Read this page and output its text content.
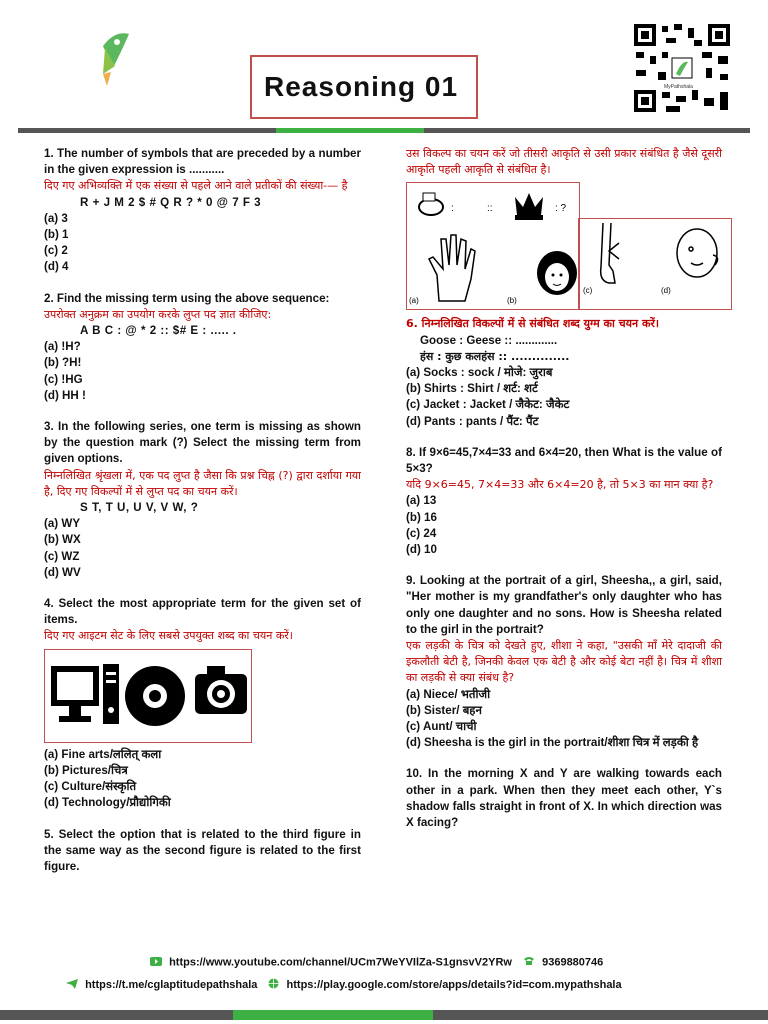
Reasoning 01	MyPathshala
1. The number of symbols that are preceded by a number in the given expression is ...........
दिए गए अभिव्यक्ति में एक संख्या से पहले आने वाले प्रतीकों की संख्या-— है
R + J M 2 $ # Q R ? * 0 @ 7 F 3
(a) 3
(b) 1
(c) 2
(d) 4
2. Find the missing term using the above sequence:
उपरोक्त अनुक्रम का उपयोग करके लुप्त पद ज्ञात कीजिए:
A B C : @ * 2 :: $# E : ..... .
(a) !H?
(b) ?H!
(c) !HG
(d) HH !
3. In the following series, one term is missing as shown by the question mark (?) Select the missing term from given options.
निम्नलिखित श्रृंखला में, एक पद लुप्त है जैसा कि प्रश्न चिह्न (?) द्वारा दर्शाया गया है, दिए गए विकल्पों में से लुप्त पद का चयन करें।
S T, T U, U V, V W, ?
(a) WY
(b) WX
(c) WZ
(d) WV
4. Select the most appropriate term for the given set of items.
दिए गए आइटम सेट के लिए सबसे उपयुक्त शब्द का चयन करें।
(a) Fine arts/ललित् कला
(b) Pictures/चित्र
(c) Culture/संस्कृति
(d) Technology/प्रौद्योगिकी
5. Select the option that is related to the third figure in the same way as the second figure is related to the first figure.
उस विकल्प का चयन करें जो तीसरी आकृति से उसी प्रकार संबंधित है जैसे दूसरी आकृति पहली आकृति से संबंधित है।
:	::	: ?
(a)	(b)
(c)	(d)
6. निम्नलिखित विकल्पों में से संबंधित शब्द युग्म का चयन करें।
Goose : Geese :: .............
हंस : कुछ कलहंस :: ..............
(a) Socks : sock / मोजे: जुराब
(b) Shirts : Shirt / शर्ट: शर्ट
(c) Jacket : Jacket / जैकेट: जैकेट
(d) Pants : pants / पैंट: पैंट
8. If 9×6=45,7×4=33 and 6×4=20, then What is the value of 5×3?
यदि 9×6=45, 7×4=33 और 6×4=20 है, तो 5×3 का मान क्या है?
(a) 13
(b) 16
(c) 24
(d) 10
9. Looking at the portrait of a girl, Sheesha,, a girl, said, "Her mother is my grandfather's only daughter who has only one daughter and no sons. How is Sheesha related to the girl in the portrait?
एक लड़की के चित्र को देखते हुए, शीशा ने कहा, "उसकी माँ मेरे दादाजी की इकलौती बेटी है, जिनकी केवल एक बेटी है और कोई बेटा नहीं है। चित्र में शीशा का लड़की से क्या संबंध है?
(a) Niece/ भतीजी
(b) Sister/ बहन
(c) Aunt/ चाची
(d) Sheesha is the girl in the portrait/शीशा चित्र में लड़की है
10. In the morning X and Y are walking towards each other in a park. When then they meet each other, Y`s shadow falls straight in front of X. In which direction was X facing?
https://www.youtube.com/channel/UCm7WeYVIlZa-S1gnsvV2YRw	9369880746
https://t.me/cglaptitudepathshala	https://play.google.com/store/apps/details?id=com.mypathshala
